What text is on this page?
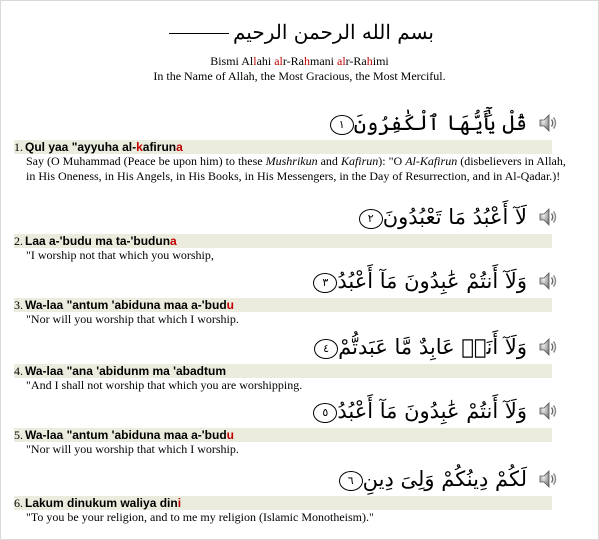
بسم الله الرحمن الرحيم
Bismi Allahi alr-Rahmani alr-Rahimi
In the Name of Allah, the Most Gracious, the Most Merciful.
قُلْ يَٰٓأَيُّهَا ٱلْكَٰفِرُونَ١
1. Qul yaa "ayyuha al-kafiruna
Say (O Muhammad (Peace be upon him) to these Mushrikun and Kafirun): "O Al-Kafirun (disbelievers in Allah, in His Oneness, in His Angels, in His Books, in His Messengers, in the Day of Resurrection, and in Al-Qadar.)!
لَآ أَعْبُدُ مَا تَعْبُدُونَ٢
2. Laa a-'budu ma ta-'buduna
"I worship not that which you worship,
وَلَآ أَنتُمْ عَٰبِدُونَ مَآ أَعْبُدُ٣
3. Wa-laa "antum 'abiduna maa a-'budu
"Nor will you worship that which I worship.
وَلَآ أَنَا۠ عَابِدٌ مَّا عَبَدتُّمْ٤
4. Wa-laa "ana 'abidunm ma 'abadtum
"And I shall not worship that which you are worshipping.
وَلَآ أَنتُمْ عَٰبِدُونَ مَآ أَعْبُدُ٥
5. Wa-laa "antum 'abiduna maa a-'budu
"Nor will you worship that which I worship.
لَكُمْ دِينُكُمْ وَلِىَ دِينِ٦
6. Lakum dinukum waliya dini
"To you be your religion, and to me my religion (Islamic Monotheism)."
